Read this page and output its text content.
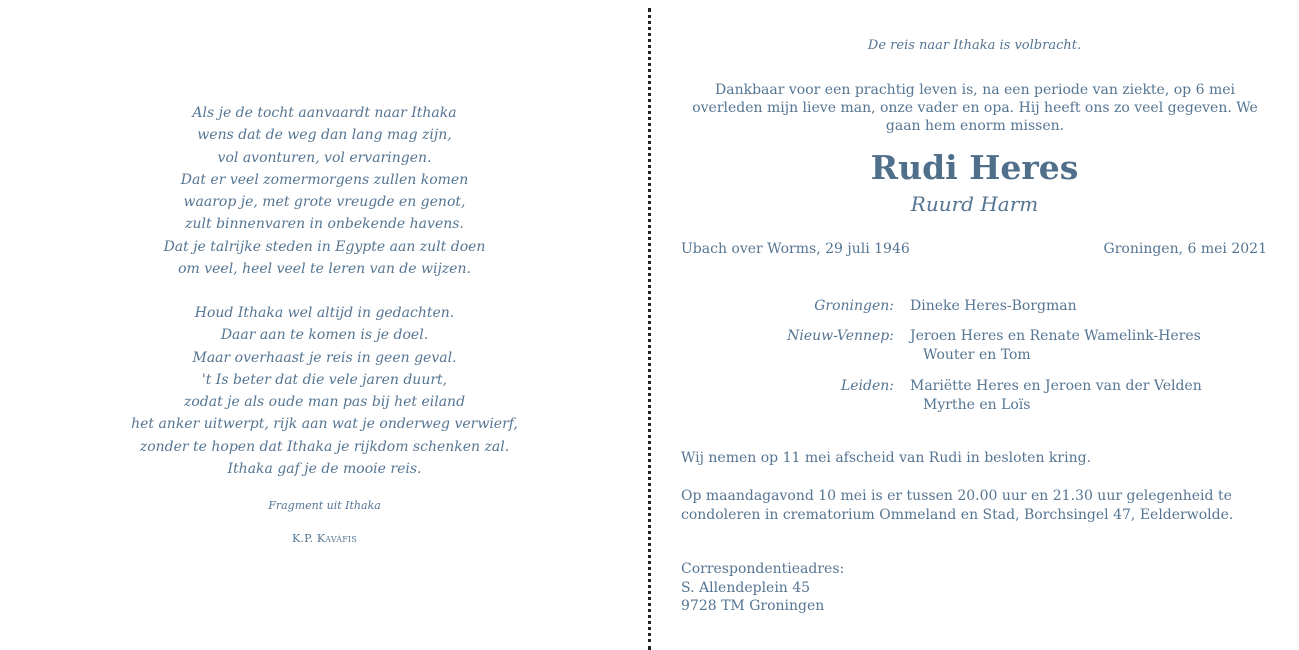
Als je de tocht aanvaardt naar Ithaka
wens dat de weg dan lang mag zijn,
vol avonturen, vol ervaringen.
Dat er veel zomermorgens zullen komen
waarop je, met grote vreugde en genot,
zult binnenvaren in onbekende havens.
Dat je talrijke steden in Egypte aan zult doen
om veel, heel veel te leren van de wijzen.
Houd Ithaka wel altijd in gedachten.
Daar aan te komen is je doel.
Maar overhaast je reis in geen geval.
't Is beter dat die vele jaren duurt,
zodat je als oude man pas bij het eiland
het anker uitwerpt, rijk aan wat je onderweg verwierf,
zonder te hopen dat Ithaka je rijkdom schenken zal.
Ithaka gaf je de mooie reis.
Fragment uit Ithaka
K.P. Kaváfis
De reis naar Ithaka is volbracht.
Dankbaar voor een prachtig leven is, na een periode van ziekte, op 6 mei overleden mijn lieve man, onze vader en opa. Hij heeft ons zo veel gegeven. We gaan hem enorm missen.
Rudi Heres
Ruurd Harm
Ubach over Worms, 29 juli 1946	Groningen, 6 mei 2021
Groningen: Dineke Heres-Borgman
Nieuw-Vennep: Jeroen Heres en Renate Wamelink-Heres
Wouter en Tom
Leiden: Mariëtte Heres en Jeroen van der Velden
Myrthe en Loïs
Wij nemen op 11 mei afscheid van Rudi in besloten kring.
Op maandagavond 10 mei is er tussen 20.00 uur en 21.30 uur gelegenheid te
condoleren in crematorium Ommeland en Stad, Borchsingel 47, Eelderwolde.
Correspondentieadres:
S. Allendeplein 45
9728 TM Groningen
